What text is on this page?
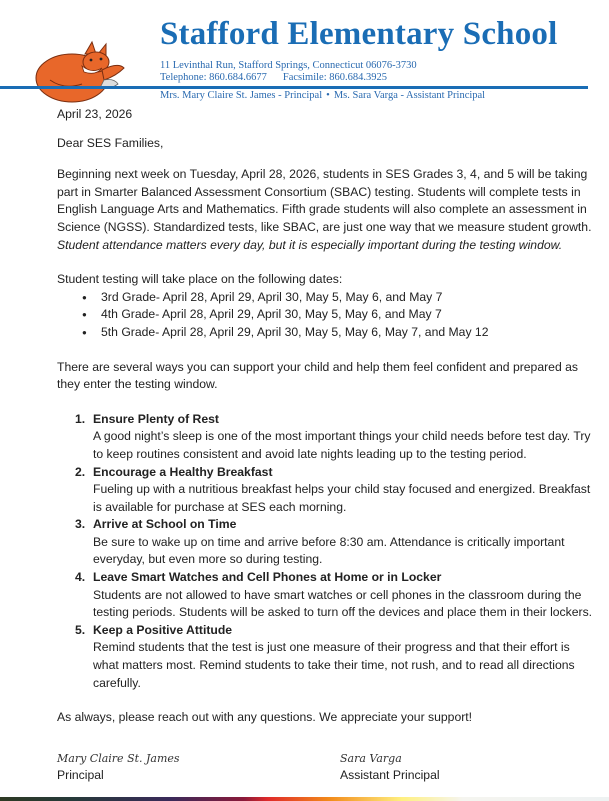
Stafford Elementary School
11 Levinthal Run, Stafford Springs, Connecticut 06076-3730
Telephone: 860.684.6677 Facsimile: 860.684.3925
Mrs. Mary Claire St. James - Principal • Ms. Sara Varga - Assistant Principal

April 23, 2026

Dear SES Families,

Beginning next week on Tuesday, April 28, 2026, students in SES Grades 3, 4, and 5 will be taking part in Smarter Balanced Assessment Consortium (SBAC) testing. Students will complete tests in English Language Arts and Mathematics. Fifth grade students will also complete an assessment in Science (NGSS). Standardized tests, like SBAC, are just one way that we measure student growth. Student attendance matters every day, but it is especially important during the testing window.

Student testing will take place on the following dates:

● 3rd Grade- April 28, April 29, April 30, May 5, May 6, and May 7
● 4th Grade- April 28, April 29, April 30, May 5, May 6, and May 7
● 5th Grade- April 28, April 29, April 30, May 5, May 6, May 7, and May 12

There are several ways you can support your child and help them feel confident and prepared as they enter the testing window.

1. Ensure Plenty of Rest
A good night’s sleep is one of the most important things your child needs before test day. Try to keep routines consistent and avoid late nights leading up to the testing period.
2. Encourage a Healthy Breakfast
Fueling up with a nutritious breakfast helps your child stay focused and energized. Breakfast is available for purchase at SES each morning.
3. Arrive at School on Time
Be sure to wake up on time and arrive before 8:30 am. Attendance is critically important everyday, but even more so during testing.
4. Leave Smart Watches and Cell Phones at Home or in Locker
Students are not allowed to have smart watches or cell phones in the classroom during the testing periods. Students will be asked to turn off the devices and place them in their lockers.
5. Keep a Positive Attitude
Remind students that the test is just one measure of their progress and that their effort is what matters most. Remind students to take their time, not rush, and to read all directions carefully.

As always, please reach out with any questions. We appreciate your support!

Mary Claire St. James
Principal
Sara Varga
Assistant Principal
